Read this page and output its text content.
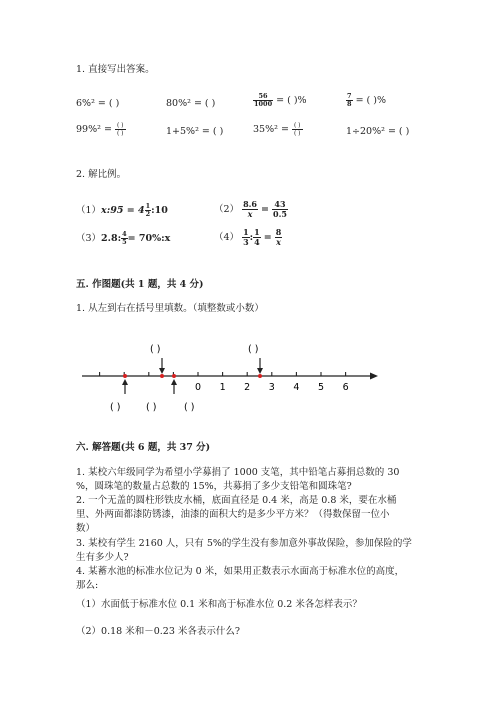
1. 直接写出答案。
6%² = ( )	80%² = ( )	$\frac{56}{1000}$ = ( )%	$\frac{7}{8}$ = ( )%
$99\%^2 = \frac{( )}{( )}$	1+5%² = ( )	$35\%^2 = \frac{( )}{( )}$	1÷20%² = ( )
2. 解比例。
（1）x:95 = $4 \frac{1}{2}$ :10	$(2) \frac{8.6}{x} = \frac{43}{0.5}$
（3）2.8: $\frac{4}{5}$ = 70%:x	$(4) \frac{1}{3}$ : $\frac{1}{4} = \frac{8}{x}$
五. 作图题(共 1 题，共 4 分)
1. 从左到右在括号里填数。（填整数或小数）
( )	( )
( )	( )	( )
0 1 2 3 4 5 6
六. 解答题(共 6 题，共 37 分)
1. 某校六年级同学为希望小学募捐了 1000 支笔，其中铅笔占募捐总数的 30
%，圆珠笔的数量占总数的 15%，共募捐了多少支铅笔和圆珠笔?
2. 一个无盖的圆柱形铁皮水桶，底面直径是 0.4 米，高是 0.8 米，要在水桶
里、外两面都漆防锈漆，油漆的面积大约是多少平方米？（得数保留一位小
数）
3. 某校有学生 2160 人，只有 5%的学生没有参加意外事故保险，参加保险的学
生有多少人?
4. 某蓄水池的标准水位记为 0 米，如果用正数表示水面高于标准水位的高度，
那么:
（1）水面低于标准水位 0.1 米和高于标准水位 0.2 米各怎样表示？
（2）0.18 米和－0.23 米各表示什么?
